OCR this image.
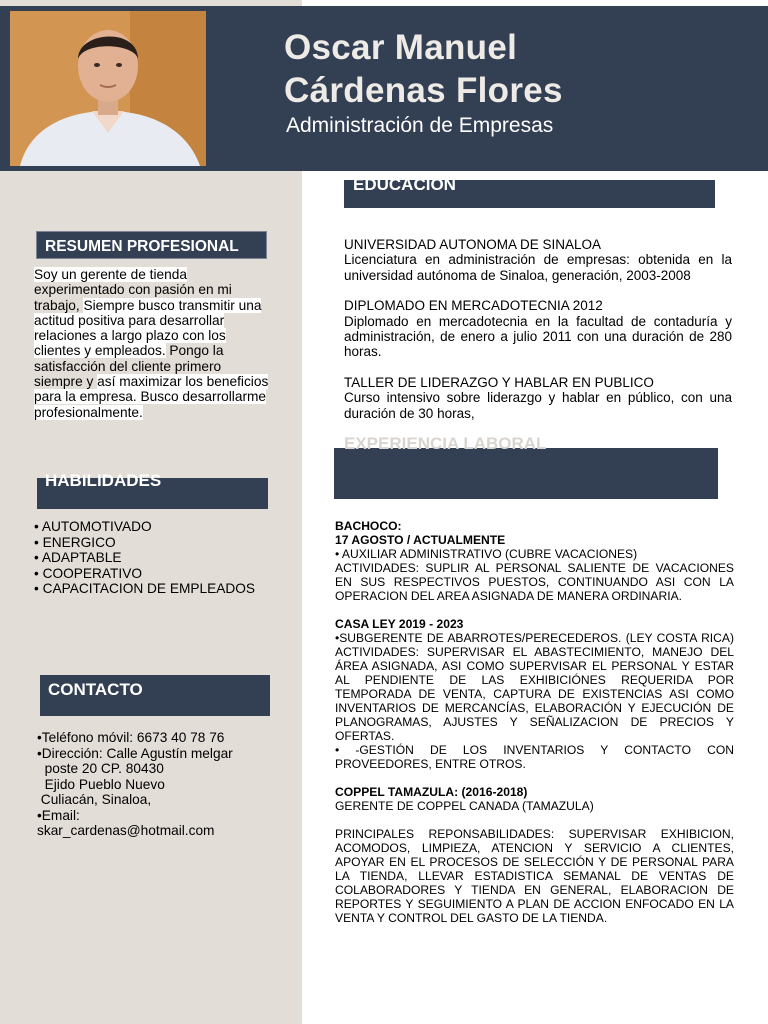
Oscar Manuel
Cárdenas Flores
Administración de Empresas
RESUMEN PROFESIONAL
Soy un gerente de tienda experimentado con pasión en mi trabajo, Siempre busco transmitir una actitud positiva para desarrollar relaciones a largo plazo con los clientes y empleados. Pongo la satisfacción del cliente primero siempre y así maximizar los beneficios para la empresa. Busco desarrollarme profesionalmente.
HABILIDADES
• AUTOMOTIVADO
• ENERGICO
• ADAPTABLE
• COOPERATIVO
• CAPACITACION DE EMPLEADOS
CONTACTO
•Teléfono móvil: 6673 40 78 76
•Dirección: Calle Agustín melgar
poste 20 CP. 80430
Ejido Pueblo Nuevo
Culiacán, Sinaloa,
•Email:
skar_cardenas@hotmail.com
EDUCACIÓN
UNIVERSIDAD AUTONOMA DE SINALOA
Licenciatura en administración de empresas: obtenida en la universidad autónoma de Sinaloa, generación, 2003-2008
DIPLOMADO EN MERCADOTECNIA 2012
Diplomado en mercadotecnia en la facultad de contaduría y administración, de enero a julio 2011 con una duración de 280 horas.
TALLER DE LIDERAZGO Y HABLAR EN PUBLICO
Curso intensivo sobre liderazgo y hablar en público, con una duración de 30 horas,
EXPERIENCIA LABORAL
BACHOCO:
17 AGOSTO / ACTUALMENTE
• AUXILIAR ADMINISTRATIVO (CUBRE VACACIONES)
ACTIVIDADES: SUPLIR AL PERSONAL SALIENTE DE VACACIONES EN SUS RESPECTIVOS PUESTOS, CONTINUANDO ASI CON LA OPERACION DEL AREA ASIGNADA DE MANERA ORDINARIA.
CASA LEY 2019 - 2023
•SUBGERENTE DE ABARROTES/PERECEDEROS. (LEY COSTA RICA) ACTIVIDADES: SUPERVISAR EL ABASTECIMIENTO, MANEJO DEL ÁREA ASIGNADA, ASI COMO SUPERVISAR EL PERSONAL Y ESTAR AL PENDIENTE DE LAS EXHIBICIÓNES REQUERIDA POR TEMPORADA DE VENTA, CAPTURA DE EXISTENCIAS ASI COMO INVENTARIOS DE MERCANCÍAS, ELABORACIÓN Y EJECUCIÓN DE PLANOGRAMAS, AJUSTES Y SEÑALIZACION DE PRECIOS Y OFERTAS.
• -GESTIÓN DE LOS INVENTARIOS Y CONTACTO CON PROVEEDORES, ENTRE OTROS.
COPPEL TAMAZULA: (2016-2018)
GERENTE DE COPPEL CANADA (TAMAZULA)
PRINCIPALES REPONSABILIDADES: SUPERVISAR EXHIBICION, ACOMODOS, LIMPIEZA, ATENCION Y SERVICIO A CLIENTES, APOYAR EN EL PROCESOS DE SELECCIÓN Y DE PERSONAL PARA LA TIENDA, LLEVAR ESTADISTICA SEMANAL DE VENTAS DE COLABORADORES Y TIENDA EN GENERAL, ELABORACION DE REPORTES Y SEGUIMIENTO A PLAN DE ACCION ENFOCADO EN LA VENTA Y CONTROL DEL GASTO DE LA TIENDA.
